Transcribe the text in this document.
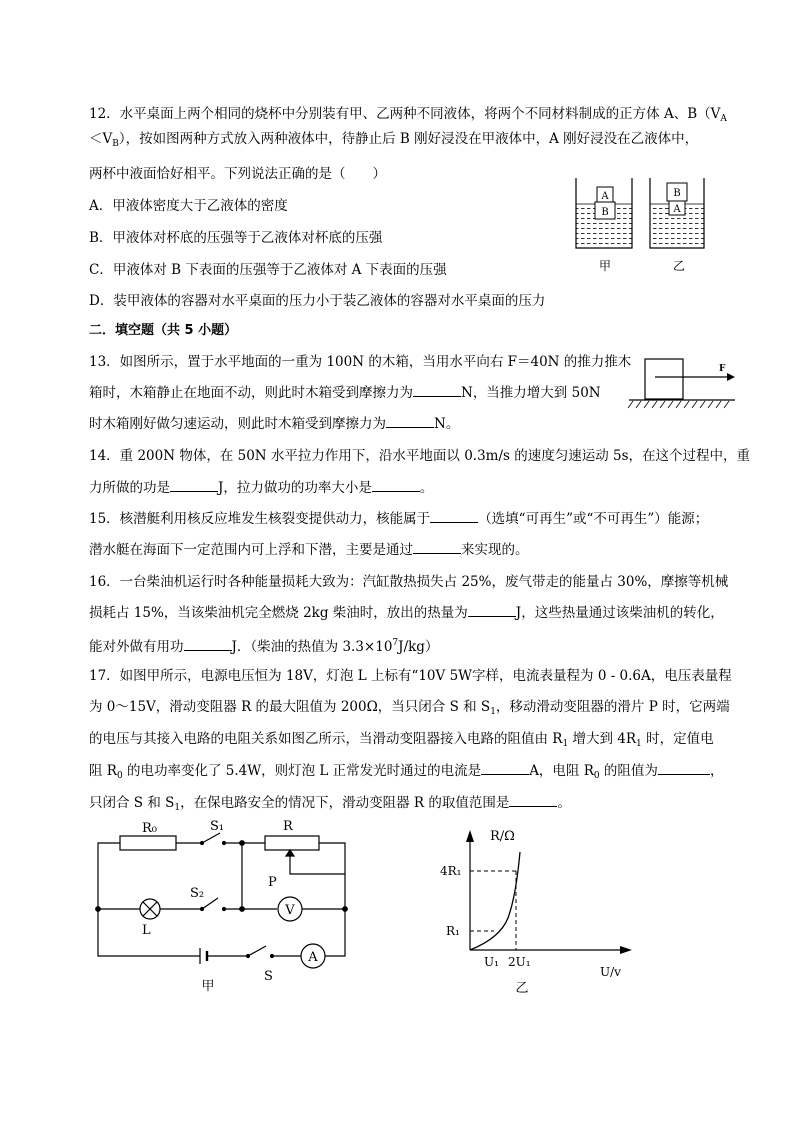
12．水平桌面上两个相同的烧杯中分别装有甲、乙两种不同液体，将两个不同材料制成的正方体 A、$B(V_A$
$<V_B$），按如图两种方式放入两种液体中，待静止后 B 刚好浸没在甲液体中，A 刚好浸没在乙液体中，
两杯中液面恰好相平。下列说法正确的是（　　）
A．甲液体密度大于乙液体的密度
B．甲液体对杯底的压强等于乙液体对杯底的压强
C．甲液体对 B 下表面的压强等于乙液体对 A 下表面的压强
D．装甲液体的容器对水平桌面的压力小于装乙液体的容器对水平桌面的压力
A
B
B
A
甲	乙
二．填空题（共 5 小题）
13．如图所示，置于水平地面的一重为 100N 的木箱，当用水平向右 F＝40N 的推力推木
箱时，木箱静止在地面不动，则此时木箱受到摩擦力为	N，当推力增大到 50N
时木箱刚好做匀速运动，则此时木箱受到摩擦力为	N。
F
14．重 200N 物体，在 50N 水平拉力作用下，沿水平地面以 0.3m/s 的速度匀速运动 5s，在这个过程中，重
力所做的功是	J，拉力做功的功率大小是	。
15．核潜艇利用核反应堆发生核裂变提供动力，核能属于	（选填“可再生”或“不可再生”）能源；
潜水艇在海面下一定范围内可上浮和下潜，主要是通过	来实现的。
16．一台柴油机运行时各种能量损耗大致为：汽缸散热损失占 25%，废气带走的能量占 30%，摩擦等机械
损耗占 15%，当该柴油机完全燃烧 2kg 柴油时，放出的热量为	J，这些热量通过该柴油机的转化，
能对外做有用功	J．（柴油的热值为 $3.3\times 10^7J/kg$）
17．如图甲所示，电源电压恒为 18V，灯泡 L 上标有“10V 5W字样，电流表量程为 0 - 0.6A，电压表量程
为 0～15V，滑动变阻器 R 的最大阻值为 200Ω，当只闭合 S 和 $S_1$，移动滑动变阻器的滑片 P 时，它两端
的电压与其接入电路的电阻关系如图乙所示，当滑动变阻器接入电路的阻值由 $R_1$ 增大到 $4R_1$ 时，定值电
阻 $R_0$ 的电功率变化了 5.4W，则灯泡 L 正常发光时通过的电流是	A，电阻 $R_0$ 的阻值为	，
只闭合 S 和 $S_1$，在保电路安全的情况下，滑动变阻器 R 的取值范围是	。
R₀	S₁	R
P
S₂
V
L
S
A
甲
R/Ω
U/v
4R₁
R₁
U₁ 2U₁
乙
